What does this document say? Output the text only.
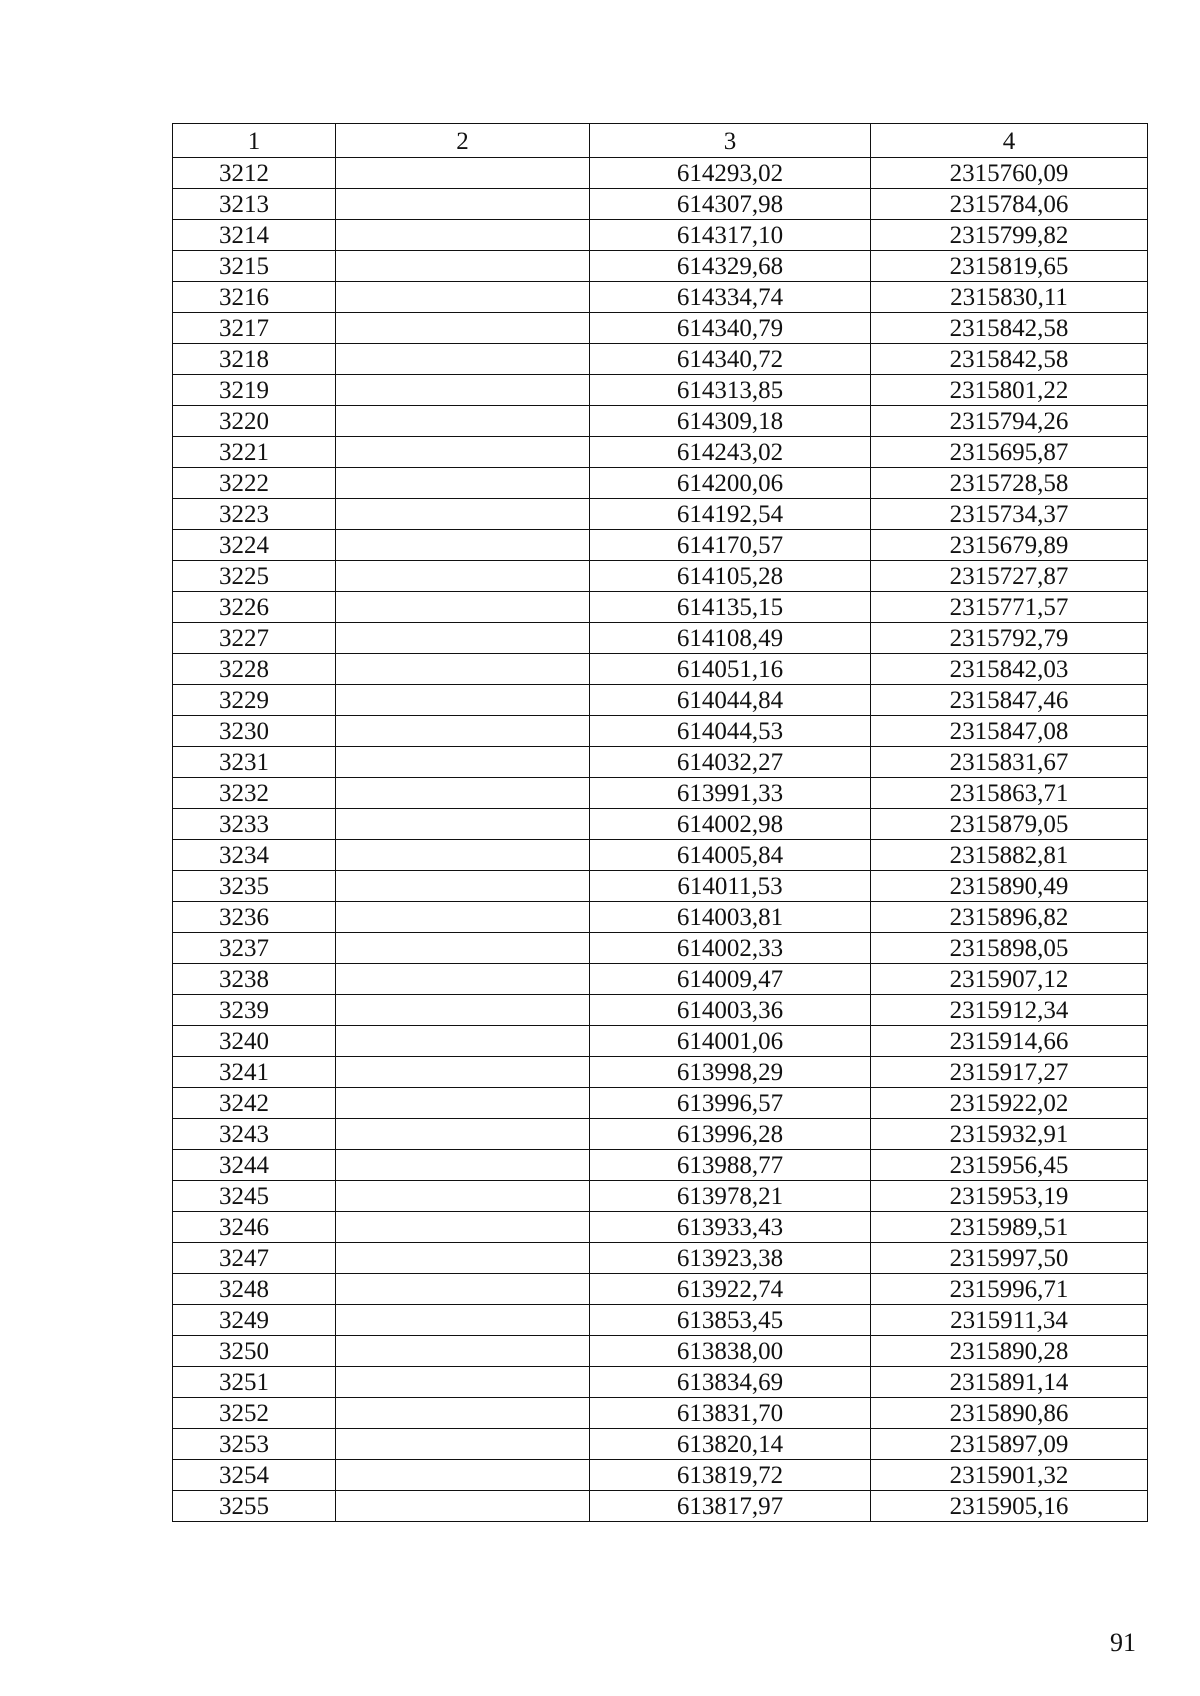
1	2	3	4
3212		614293,02	2315760,09
3213		614307,98	2315784,06
3214		614317,10	2315799,82
3215		614329,68	2315819,65
3216		614334,74	2315830,11
3217		614340,79	2315842,58
3218		614340,72	2315842,58
3219		614313,85	2315801,22
3220		614309,18	2315794,26
3221		614243,02	2315695,87
3222		614200,06	2315728,58
3223		614192,54	2315734,37
3224		614170,57	2315679,89
3225		614105,28	2315727,87
3226		614135,15	2315771,57
3227		614108,49	2315792,79
3228		614051,16	2315842,03
3229		614044,84	2315847,46
3230		614044,53	2315847,08
3231		614032,27	2315831,67
3232		613991,33	2315863,71
3233		614002,98	2315879,05
3234		614005,84	2315882,81
3235		614011,53	2315890,49
3236		614003,81	2315896,82
3237		614002,33	2315898,05
3238		614009,47	2315907,12
3239		614003,36	2315912,34
3240		614001,06	2315914,66
3241		613998,29	2315917,27
3242		613996,57	2315922,02
3243		613996,28	2315932,91
3244		613988,77	2315956,45
3245		613978,21	2315953,19
3246		613933,43	2315989,51
3247		613923,38	2315997,50
3248		613922,74	2315996,71
3249		613853,45	2315911,34
3250		613838,00	2315890,28
3251		613834,69	2315891,14
3252		613831,70	2315890,86
3253		613820,14	2315897,09
3254		613819,72	2315901,32
3255		613817,97	2315905,16
91
